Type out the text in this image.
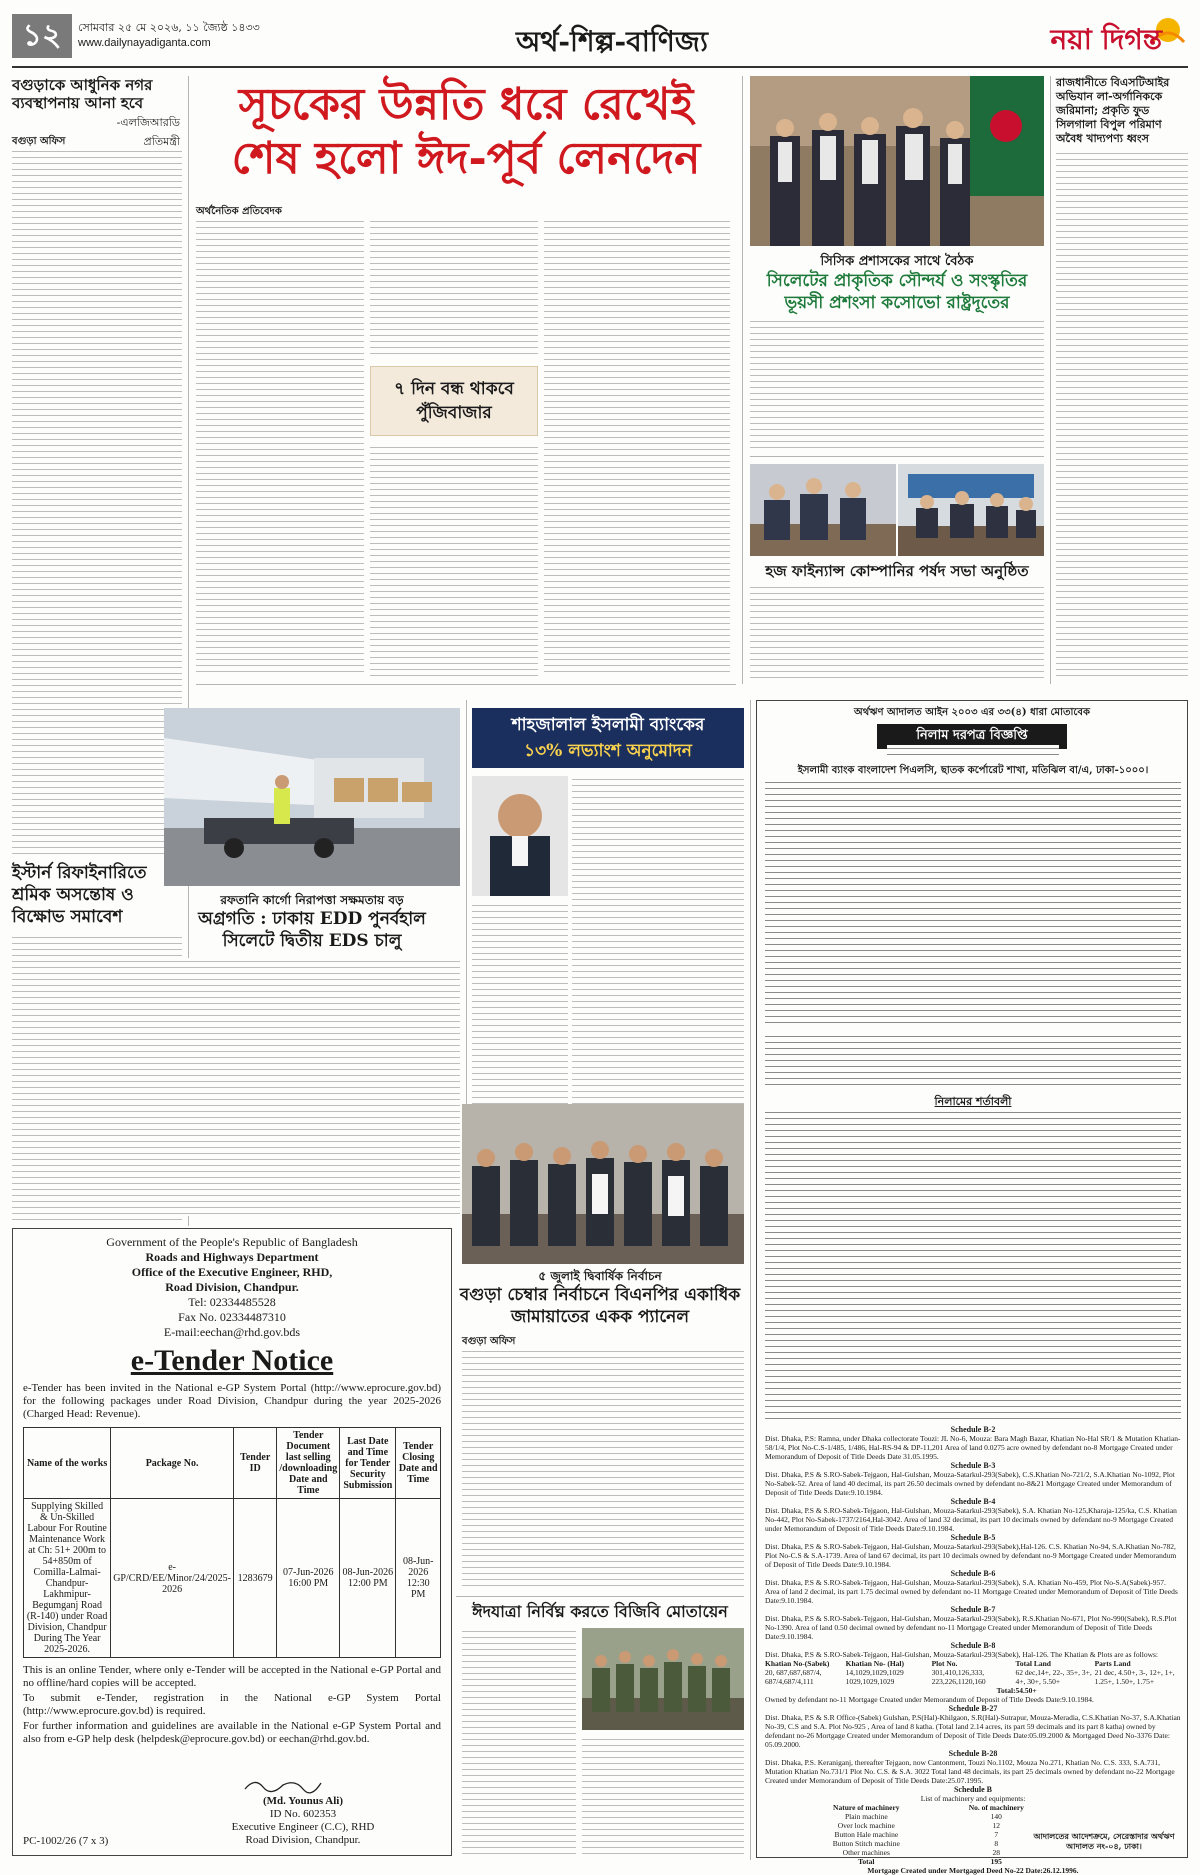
১২	সোমবার ২৫ মে ২০২৬, ১১ জ্যৈষ্ঠ ১৪৩৩
www.dailynayadiganta.com	অর্থ-শিল্প-বাণিজ্য	নয়া দিগন্ত
বগুড়াকে আধুনিক নগর ব্যবস্থাপনায় আনা হবে
-এলজিআরডি প্রতিমন্ত্রী
বগুড়া অফিস
ইস্টার্ন রিফাইনারিতে শ্রমিক অসন্তোষ ও বিক্ষোভ সমাবেশ
সূচকের উন্নতি ধরে রেখেই
শেষ হলো ঈদ-পূর্ব লেনদেন
অর্থনৈতিক প্রতিবেদক
৭ দিন বন্ধ থাকবে
পুঁজিবাজার
সিসিক প্রশাসকের সাথে বৈঠক
সিলেটের প্রাকৃতিক সৌন্দর্য ও সংস্কৃতির
ভূয়সী প্রশংসা কসোভো রাষ্ট্রদূতের
হজ ফাইন্যান্স কোম্পানির পর্ষদ সভা অনুষ্ঠিত
রাজধানীতে বিএসটিআইর অভিযান লা-অর্গানিককে জরিমানা; প্রকৃতি ফুড সিলগালা বিপুল পরিমাণ অবৈধ খাদ্যপণ্য ধ্বংস
রফতানি কার্গো নিরাপত্তা সক্ষমতায় বড়
অগ্রগতি : ঢাকায় EDD পুনর্বহাল
সিলেটে দ্বিতীয় EDS চালু
শাহজালাল ইসলামী ব্যাংকের
১৩% লভ্যাংশ অনুমোদন
৫ জুলাই দ্বিবার্ষিক নির্বাচন
বগুড়া চেম্বার নির্বাচনে বিএনপির একাধিক
জামায়াতের একক প্যানেল
বগুড়া অফিস
ঈদযাত্রা নির্বিঘ্ন করতে বিজিবি মোতায়েন
Government of the People's Republic of Bangladesh
Roads and Highways Department
Office of the Executive Engineer, RHD,
Road Division, Chandpur.
Tel: 02334485528
Fax No. 02334487310
E-mail:eechan@rhd.gov.bds
e-Tender Notice
e-Tender has been invited in the National e-GP System Portal (http://www.eprocure.gov.bd) for the following packages under Road Division, Chandpur during the year 2025-2026 (Charged Head: Revenue).
Name of the works	Package No.	Tender ID	Tender Document last selling /downloading Date and Time	Last Date and Time for Tender Security Submission	Tender Closing Date and Time
Supplying Skilled & Un-Skilled Labour For Routine Maintenance Work at Ch: 51+ 200m to 54+850m of Comilla-Lalmai-Chandpur-Lakhmipur-Begumganj Road (R-140) under Road Division, Chandpur During The Year 2025-2026.	e-GP/CRD/EE/Minor/24/2025-2026	1283679	07-Jun-2026 16:00 PM	08-Jun-2026 12:00 PM	08-Jun-2026 12:30 PM
This is an online Tender, where only e-Tender will be accepted in the National e-GP Portal and no offline/hard copies will be accepted.
To submit e-Tender, registration in the National e-GP System Portal (http://www.eprocure.gov.bd) is required.
For further information and guidelines are available in the National e-GP System Portal and also from e-GP help desk (helpdesk@eprocure.gov.bd) or eechan@rhd.gov.bd.
(Md. Younus Ali)
ID No. 602353
Executive Engineer (C.C), RHD
Road Division, Chandpur.
PC-1002/26 (7 x 3)
অর্থঋণ আদালত আইন ২০০৩ এর ৩৩(৪) ধারা মোতাবেক
নিলাম দরপত্র বিজ্ঞপ্তি
ইসলামী ব্যাংক বাংলাদেশ পিএলসি, ছাতক কর্পোরেট শাখা, মতিঝিল বা/এ, ঢাকা-১০০০।
নিলামের শর্তাবলী
Schedule B-2
Dist. Dhaka, P.S: Ramna, under Dhaka collectorate Touzi: JL No-6, Mouza: Bara Magh Bazar, Khatian No-Hal SR/1 & Mutation Khatian-58/1/4, Plot No-C.S-1/485, 1/486, Hal-RS-94 & DP-11,201 Area of land 0.0275 acre owned by defendant no-8 Mortgage Created under Memorandum of Deposit of Title Deeds Date 31.05.1995.
Schedule B-3
Dist. Dhaka, P.S & S.RO-Sabek-Tejgaon, Hal-Gulshan, Mouza-Satarkul-293(Sabek), C.S.Khatian No-721/2, S.A.Khatian No-1092, Plot No-Sabek-52. Area of land 40 decimal, its part 26.50 decimals owned by defendant no-8&21 Mortgage Created under Memorandum of Deposit of Title Deeds Date:9.10.1984.
Schedule B-4
Dist. Dhaka, P.S & S.RO-Sabek-Tejgaon, Hal-Gulshan, Mouza-Satarkul-293(Sabek), S.A. Khatian No-125,Kharaja-125/ka, C.S. Khatian No-442, Plot No-Sabek-1737/2164,Hal-3042. Area of land 32 decimal, its part 10 decimals owned by defendant no-9 Mortgage Created under Memorandum of Deposit of Title Deeds Date:9.10.1984.
Schedule B-5
Dist. Dhaka, P.S & S.RO-Sabek-Tejgaon, Hal-Gulshan, Mouza-Satarkul-293(Sabek),Hal-126. C.S. Khatian No-94, S.A.Khatian No-782, Plot No-C.S & S.A-1739. Area of land 67 decimal, its part 10 decimals owned by defendant no-9 Mortgage Created under Memorandum of Deposit of Title Deeds Date:9.10.1984.
Schedule B-6
Dist. Dhaka, P.S & S.RO-Sabek-Tejgaon, Hal-Gulshan, Mouza-Satarkul-293(Sabek), S.A. Khatian No-459, Plot No-S.A(Sabek)-957. Area of land 2 decimal, its part 1.75 decimal owned by defendant no-11 Mortgage Created under Memorandum of Deposit of Title Deeds Date:9.10.1984.
Schedule B-7
Dist. Dhaka, P.S & S.RO-Sabek-Tejgaon, Hal-Gulshan, Mouza-Satarkul-293(Sabek), R.S.Khatian No-671, Plot No-990(Sabek), R.S.Plot No-1390. Area of land 0.50 decimal owned by defendant no-11 Mortgage Created under Memorandum of Deposit of Title Deeds Date:9.10.1984.
Schedule B-8
Dist. Dhaka, P.S & S.RO-Sabek-Tejgaon, Hal-Gulshan, Mouza-Satarkul-293(Sabek), Hal-126. The Khatian & Plots are as follows:
Khatian No-(Sabek)	Khatian No- (Hal)	Plot No.	Total Land	Parts Land
20, 687,687,687/4, 687/4,687/4,111	14,1029,1029,1029 1029,1029,1029	301,410,126,333, 223,226,1120,160	62 dec,14+, 22-, 35+, 3+, 4+, 30+, 5.50+	21 dec, 4.50+, 3-, 12+, 1+, 1.25+, 1.50+, 1.75+
		Total:	54.50+	
Owned by defendant no-11 Mortgage Created under Memorandum of Deposit of Title Deeds Date:9.10.1984.
Schedule B-27
Dist. Dhaka, P.S & S.R Office-(Sabek) Gulshan, P.S(Hal)-Khilgaon, S.R(Hal)-Sutrapur, Mouza-Meradia, C.S.Khatian No-37, S.A.Khatian No-39, C.S and S.A. Plot No-925 , Area of land 8 katha. (Total land 2.14 acres, its part 59 decimals and its part 8 katha) owned by defendant no-26 Mortgage Created under Memorandum of Deposit of Title Deeds Date:05.09.2000 & Mortgaged Deed No-3376 Date: 05.09.2000.
Schedule B-28
Dist. Dhaka, P.S. Keraniganj, thereafter Tejgaon, now Cantonment, Touzi No.1102, Mouza No.271, Khatian No. C.S. 333, S.A.731, Mutation Khatian No.731/1 Plot No. C.S. & S.A. 3022 Total land 48 decimals, its part 25 decimals owned by defendant no-22 Mortgage Created under Memorandum of Deposit of Title Deeds Date:25.07.1995.
Schedule B
List of machinery and equipments:
Nature of machinery	No. of machinery
Plain machine	140
Over lock machine	12
Button Hale machine	7
Button Stitch machine	8
Other machines	28
Total	195
Mortgage Created under Mortgaged Deed No-22 Date:26.12.1996.
আদালতের আদেশক্রমে, সেরেস্তাদার অর্থঋণ আদালত নং-০৪, ঢাকা।
